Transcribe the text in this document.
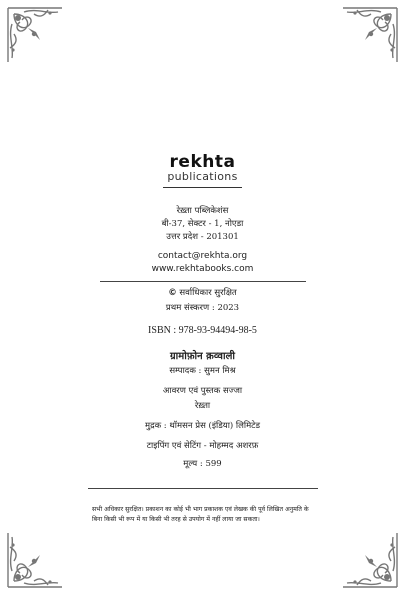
rekhta
publications
रेख़्ता पब्लिकेशंस
बी-37, सेक्टर - 1, नोएडा
उत्तर प्रदेश - 201301
contact@rekhta.org
www.rekhtabooks.com
© सर्वाधिकार सुरक्षित
प्रथम संस्करण : 2023
ISBN : 978-93-94494-98-5
ग्रामोफ़ोन क़व्वाली
सम्पादक : सुमन मिश्र
आवरण एवं पुस्तक सज्जा
रेख़्ता
मुद्रक : थॉमसन प्रेस (इंडिया) लिमिटेड
टाइपिंग एवं सेटिंग - मोहम्मद अशरफ़
मूल्य : 599
सभी अधिकार सुरक्षित। प्रकाशन का कोई भी भाग प्रकाशक एवं लेखक की पूर्व लिखित अनुमति के बिना किसी भी रूप में या किसी भी तरह से उपयोग में नहीं लाया जा सकता।
